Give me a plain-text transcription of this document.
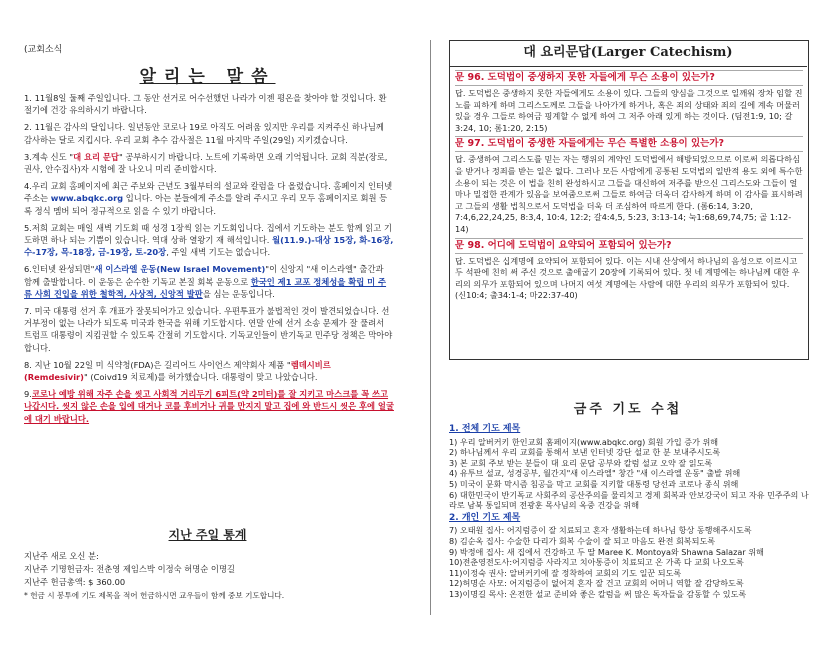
(교회소식
알리는 말씀

1. 11월8일 둘째 주일입니다. 그 동안 선거로 어수선했던 나라가 이젠 평온을 찾아야 할 것입니다. 환절기에 건강 유의하시기 바랍니다.

2. 11월은 감사의 달입니다. 일년동안 코로나 19로 아직도 어려움 있지만 우리를 지켜주신 하나님께 감사하는 달로 지킵시다. 우리 교회 추수 감사절은 11월 마지막 주일(29일) 지키겠습니다.

3.계속 신도 "대 요리 문답" 공부하시기 바랍니다. 노트에 기록하면 오래 기억됩니다. 교회 직분(장로, 권사, 안수집사)자 시험에 잘 나오니 미리 준비합시다.

4.우리 교회 홈페이지에 최근 주보와 근년도 3월부터의 설교와 칼럼을 다 올렸습니다. 홈페이지 인터넷 주소는 www.abqkc.org 입니다. 아는 분들에게 주소를 알려 주시고 우리 모두 홈페이지로 회원 등록 정식 멤버 되어 정규적으로 읽을 수 있기 바랍니다.

5.저희 교회는 매일 새벽 기도회 때 성경 1장씩 읽는 기도회입니다. 집에서 기도하는 분도 함께 읽고 기도하면 하나 되는 기쁨이 있습니다. 역대 상하 열왕기 재 해석입니다. 월(11.9.)-대상 15장, 화-16장, 수-17장, 목-18장, 금-19장, 토-20장, 주일 새벽 기도는 없습니다.

6.인터넷 완성되면"새 이스라엘 운동(New Israel Movement)"이 신앙지 "새 이스라엘" 출간과 함께 출발합니다. 이 운동은 순수한 기독교 본질 회복 운동으로 한국인 제1 교포 정체성을 확립 미 주류 사회 진입을 위한 철학적, 사상적, 신앙적 발판을 심는 운동입니다.

7. 미국 대통령 선거 후 개표가 잘못되어가고 있습니다. 우편투표가 불법적인 것이 발견되었습니다. 선거부정이 없는 나라가 되도록 미국과 한국을 위해 기도합시다. 연말 안에 선거 소송 문제가 잘 풀려서 트럼프 대통령이 지킴권할 수 있도록 간절히 기도합시다. 기독교인들이 반기독교 민주당 정책은 막아야 합니다.

8. 지난 10월 22일 미 식약청(FDA)은 길리어드 사이언스 제약회사 제품 "렘데시비르 (Remdesivir)" (Coivd19 치료제)를 허가했습니다. 대통령이 맞고 나았습니다.

9.코로나 예방 위해 자주 손을 씻고 사회적 거리두기 6피트(약 2미터)를 잘 지키고 마스크를 꼭 쓰고 나갑시다. 씻지 않은 손을 입에 대거나 코를 후비거나 귀를 만지지 말고 집에 와 반드시 씻은 후에 얼굴에 대기 바랍니다.

지난 주일 통계
지난주 새로 오신 분:
지난주 기명헌금자: 전춘영 제임스박 이정숙 허명순 이명길
지난주 헌금총액: $ 360.00
* 헌금 시 봉투에 기도 제목을 적어 헌금하시면 교우들이 함께 중보 기도합니다.
대 요리문답(Larger Catechism)
문 96. 도덕법이 중생하지 못한 자들에게 무슨 소용이 있는가?
답. 도덕법은 중생하지 못한 자들에게도 소용이 있다. 그들의 양심을 그것으로 일깨워 장차 임할 진노를 피하게 하며 그리스도께로 그들을 나아가게 하거나, 혹은 죄의 상태와 죄의 길에 계속 머물러 있을 경우 그들로 하여금 핑계할 수 없게 하여 그 저주 아래 있게 하는 것이다. (딤전1:9, 10; 갈3:24, 10; 롬1:20, 2:15)
문 97. 도덕법이 중생한 자들에게는 무슨 특별한 소용이 있는가?
답. 중생하여 그리스도를 믿는 자는 행위의 계약인 도덕법에서 해방되었으므로 이로써 의롭다하심을 받거나 정죄를 받는 일은 없다. 그러나 모든 사람에게 공통된 도덕법의 일반적 용도 외에 특수한 소용이 되는 것은 이 법을 친히 완성하시고 그들을 대신하여 저주를 받으신 그리스도와 그들이 얼마나 밀접한 관계가 있음을 보여줌으로써 그들로 하여금 더욱더 감사하게 하며 이 감사를 표시하려고 그들의 생활 법칙으로서 도덕법을 더욱 더 조심하여 따르게 한다. (롬6:14, 3:20, 7:4,6,22,24,25, 8:3,4, 10:4, 12:2; 갈4:4,5, 5:23, 3:13-14; 눅1:68,69,74,75; 골 1:12-14)
문 98. 어디에 도덕법이 요약되어 포함되어 있는가?
답. 도덕법은 십계명에 요약되어 포함되어 있다. 이는 시내 산상에서 하나님의 음성으로 이르시고 두 석판에 친히 써 주신 것으로 출애굽기 20장에 기록되어 있다. 첫 네 계명에는 하나님께 대한 우리의 의무가 포함되어 있으며 나머지 여섯 계명에는 사람에 대한 우리의 의무가 포함되어 있다. (신10:4; 출34:1-4; 마22:37-40)
금주 기도 수첩
1. 전체 기도 제목
1) 우리 알버커키 한인교회 홈페이지(www.abqkc.org) 회원 가입 증가 위해
2) 하나님께서 우리 교회를 통해서 보낸 인터넷 강단 설교 한 분 보내주시도록
3) 본 교회 주보 받는 분들이 대 요리 문답 공부와 칼럼 설교 오약 잘 읽도록
4) 유투브 설교, 성경공부, 월간지"새 이스라엘" 창간 "새 이스라엘 운동" 출발 위해
5) 미국이 문화 막시즘 침공을 막고 교회를 지키할 대통령 당선과 코로나 종식 위해
6) 대한민국이 반기독교 사회주의 공산주의를 물리치고 경제 회복과 안보강국이 되고 자유 민주주의 나라로 남북 통일되며 전광훈 목사님의 옥중 건강을 위해
2. 개인 기도 제목
7) 오태원 집사: 어지럼증이 잘 치료되고 혼자 생활하는데 하나님 항상 동행해주시도록
8) 김순옥 집사: 수술한 다리가 회복 수술이 잘 되고 마음도 완전 회복되도록
9) 박정애 집사: 새 집에서 건강하고 두 딸 Maree K. Montoya와 Shawna Salazar 위해
10)전춘영전도사:어지럼증 사라지고 치아통증이 치료되고 온 가족 다 교회 나오도록
11)이정숙 권사: 알버커키에 잘 정착하여 교회의 기도 일꾼 되도록
12)허명순 사모: 어지럼증이 없어져 혼자 잘 건고 교회의 어머니 역할 잘 감당하도록
13)이명길 목사: 온전한 설교 준비와 좋은 칼럼을 써 많은 독자들을 감동할 수 있도록
